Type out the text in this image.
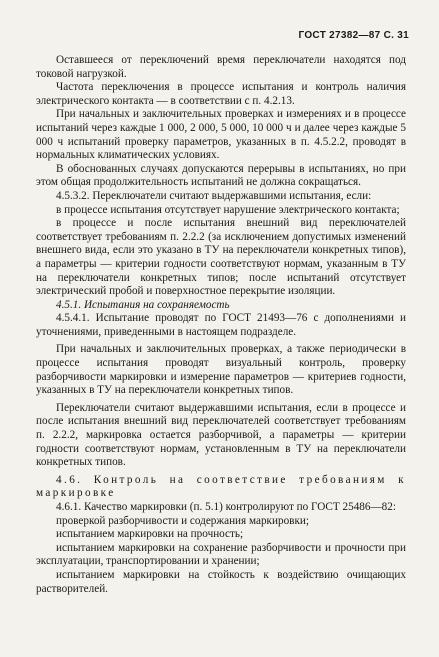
ГОСТ 27382—87 С. 31

Оставшееся от переключений время переключатели находятся под токовой нагрузкой.

Частота переключения в процессе испытания и контроль наличия электрического контакта — в соответствии с п. 4.2.13.

При начальных и заключительных проверках и измерениях и в процессе испытаний через каждые 1 000, 2 000, 5 000, 10 000 ч и далее через каждые 5 000 ч испытаний проверку параметров, указанных в п. 4.5.2.2, проводят в нормальных климатических условиях.

В обоснованных случаях допускаются перерывы в испытаниях, но при этом общая продолжительность испытаний не должна сокращаться.

4.5.3.2. Переключатели считают выдержавшими испытания, если:

в процессе испытания отсутствует нарушение электрического контакта;

в процессе и после испытания внешний вид переключателей соответствует требованиям п. 2.2.2 (за исключением допустимых изменений внешнего вида, если это указано в ТУ на переключатели конкретных типов), а параметры — критерии годности соответствуют нормам, указанным в ТУ на переключатели конкретных типов; после испытаний отсутствует электрический пробой и поверхностное перекрытие изоляции.

4.5.1. Испытания на сохраняемость

4.5.4.1. Испытание проводят по ГОСТ 21493—76 с дополнениями и уточнениями, приведенными в настоящем подразделе.

При начальных и заключительных проверках, а также периодически в процессе испытания проводят визуальный контроль, проверку разборчивости маркировки и измерение параметров — критериев годности, указанных в ТУ на переключатели конкретных типов.

Переключатели считают выдержавшими испытания, если в процессе и после испытания внешний вид переключателей соответствует требованиям п. 2.2.2, маркировка остается разборчивой, а параметры — критерии годности соответствуют нормам, установленным в ТУ на переключатели конкретных типов.

4.6. Контроль на соответствие требованиям к маркировке

4.6.1. Качество маркировки (п. 5.1) контролируют по ГОСТ 25486—82:

проверкой разборчивости и содержания маркировки;

испытанием маркировки на прочность;

испытанием маркировки на сохранение разборчивости и прочности при эксплуатации, транспортировании и хранении;

испытанием маркировки на стойкость к воздействию очищающих растворителей.
